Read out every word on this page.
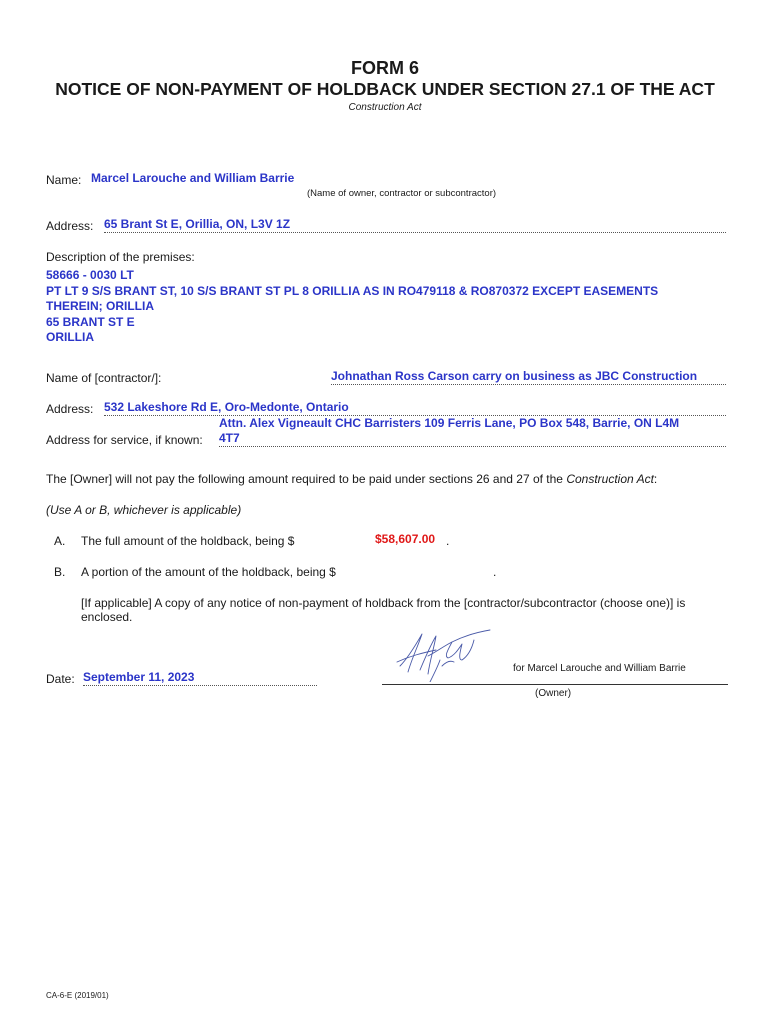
FORM 6
NOTICE OF NON-PAYMENT OF HOLDBACK UNDER SECTION 27.1 OF THE ACT
Construction Act
Name: Marcel Larouche and William Barrie
(Name of owner, contractor or subcontractor)
Address: 65 Brant St E, Orillia, ON, L3V 1Z
Description of the premises:
58666 - 0030 LT
PT LT 9 S/S BRANT ST, 10 S/S BRANT ST PL 8 ORILLIA AS IN RO479118 & RO870372 EXCEPT EASEMENTS
THEREIN; ORILLIA
65 BRANT ST E
ORILLIA
Name of [contractor/]:	Johnathan Ross Carson carry on business as JBC Construction
Address: 532 Lakeshore Rd E, Oro-Medonte, Ontario
Address for service, if known:
Attn. Alex Vigneault CHC Barristers 109 Ferris Lane, PO Box 548, Barrie, ON L4M
4T7
The [Owner] will not pay the following amount required to be paid under sections 26 and 27 of the Construction Act:
(Use A or B, whichever is applicable)
A. The full amount of the holdback, being $	$58,607.00 .
B. A portion of the amount of the holdback, being $	.
[If applicable] A copy of any notice of non-payment of holdback from the [contractor/subcontractor (choose one)] is
enclosed.
Date: September 11, 2023
for Marcel Larouche and William Barrie
(Owner)
CA-6-E (2019/01)
